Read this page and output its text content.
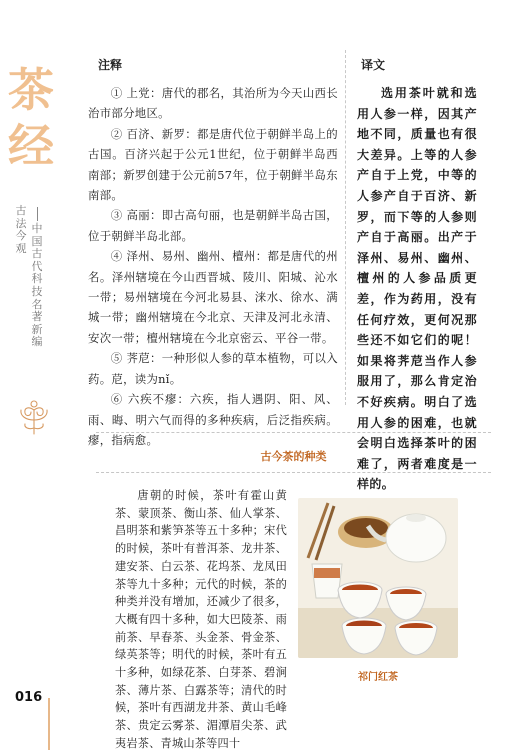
茶
经
古法今观
中国古代科技名著新编
016
注释

① 上党：唐代的郡名，其治所为今天山西长治市部分地区。

② 百济、新罗：都是唐代位于朝鲜半岛上的古国。百济兴起于公元1世纪，位于朝鲜半岛西南部；新罗创建于公元前57年，位于朝鲜半岛东南部。

③ 高丽：即古高句丽，也是朝鲜半岛古国，位于朝鲜半岛北部。

④ 泽州、易州、幽州、檀州：都是唐代的州名。泽州辖境在今山西晋城、陵川、阳城、沁水一带；易州辖境在今河北易县、涞水、徐水、满城一带；幽州辖境在今北京、天津及河北永清、安次一带；檀州辖境在今北京密云、平谷一带。

⑤ 荠苨：一种形似人参的草本植物，可以入药。苨，读为nǐ。

⑥ 六疾不瘳：六疾，指人遇阴、阳、风、雨、晦、明六气而得的多种疾病，后泛指疾病。瘳，指病愈。

译文

选用茶叶就和选用人参一样，因其产地不同，质量也有很大差异。上等的人参产自于上党，中等的人参产自于百济、新罗，而下等的人参则产自于高丽。出产于泽州、易州、幽州、檀州的人参品质更差，作为药用，没有任何疗效，更何况那些还不如它们的呢！如果将荠苨当作人参服用了，那么肯定治不好疾病。明白了选用人参的困难，也就会明白选择茶叶的困难了，两者难度是一样的。

古今茶的种类

唐朝的时候，茶叶有霍山黄茶、蒙顶茶、衡山茶、仙人掌茶、昌明茶和紫笋茶等五十多种；宋代的时候，茶叶有普洱茶、龙井茶、建安茶、白云茶、花坞茶、龙凤田茶等九十多种；元代的时候，茶的种类并没有增加，还减少了很多，大概有四十多种，如大巴陵茶、雨前茶、早春茶、头金茶、骨金茶、绿英茶等；明代的时候，茶叶有五十多种，如绿花茶、白芽茶、碧涧茶、薄片茶、白露茶等；清代的时候，茶叶有西湖龙井茶、黄山毛峰茶、贵定云雾茶、湄潭眉尖茶、武夷岩茶、青城山茶等四十

祁门红茶
